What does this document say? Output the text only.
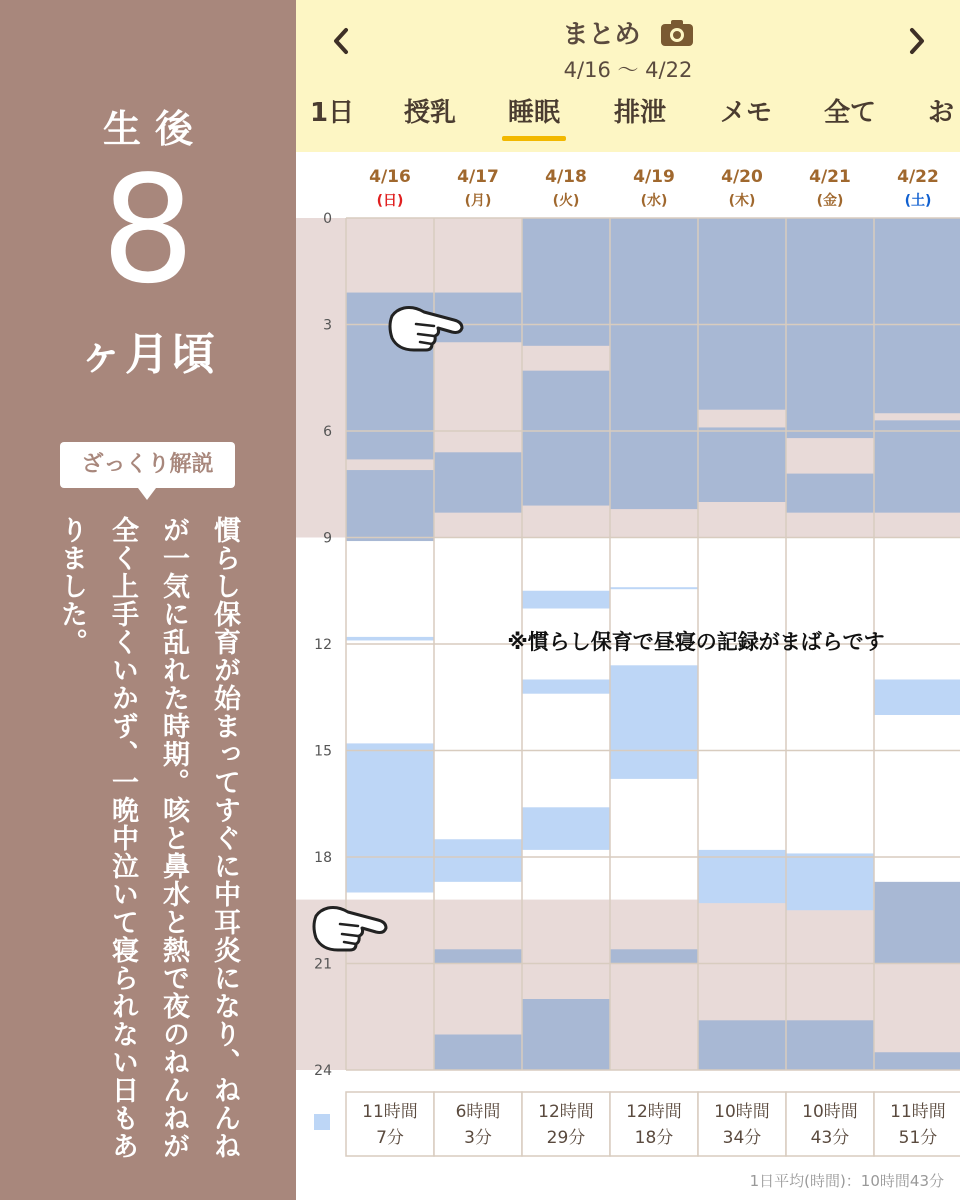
生後
8
ヶ月頃
ざっくり解説
慣らし保育が始まってすぐに中耳炎になり、ねんねが一気に乱れた時期。咳と鼻水と熱で夜のねんねが全く上手くいかず、一晩中泣いて寝られない日もありました。
まとめ
4/16 〜 4/22
1日 授乳 睡眠 排泄 メモ 全て お
0
3
6
9
12
15
18
21
24
4/16
(日)
4/17
(月)
4/18
(火)
4/19
(水)
4/20
(木)
4/21
(金)
4/22
(土)
※慣らし保育で昼寝の記録がまばらです
11時間
7分
6時間
3分
12時間
29分
12時間
18分
10時間
34分
10時間
43分
11時間
51分
1日平均(時間)：10時間43分
